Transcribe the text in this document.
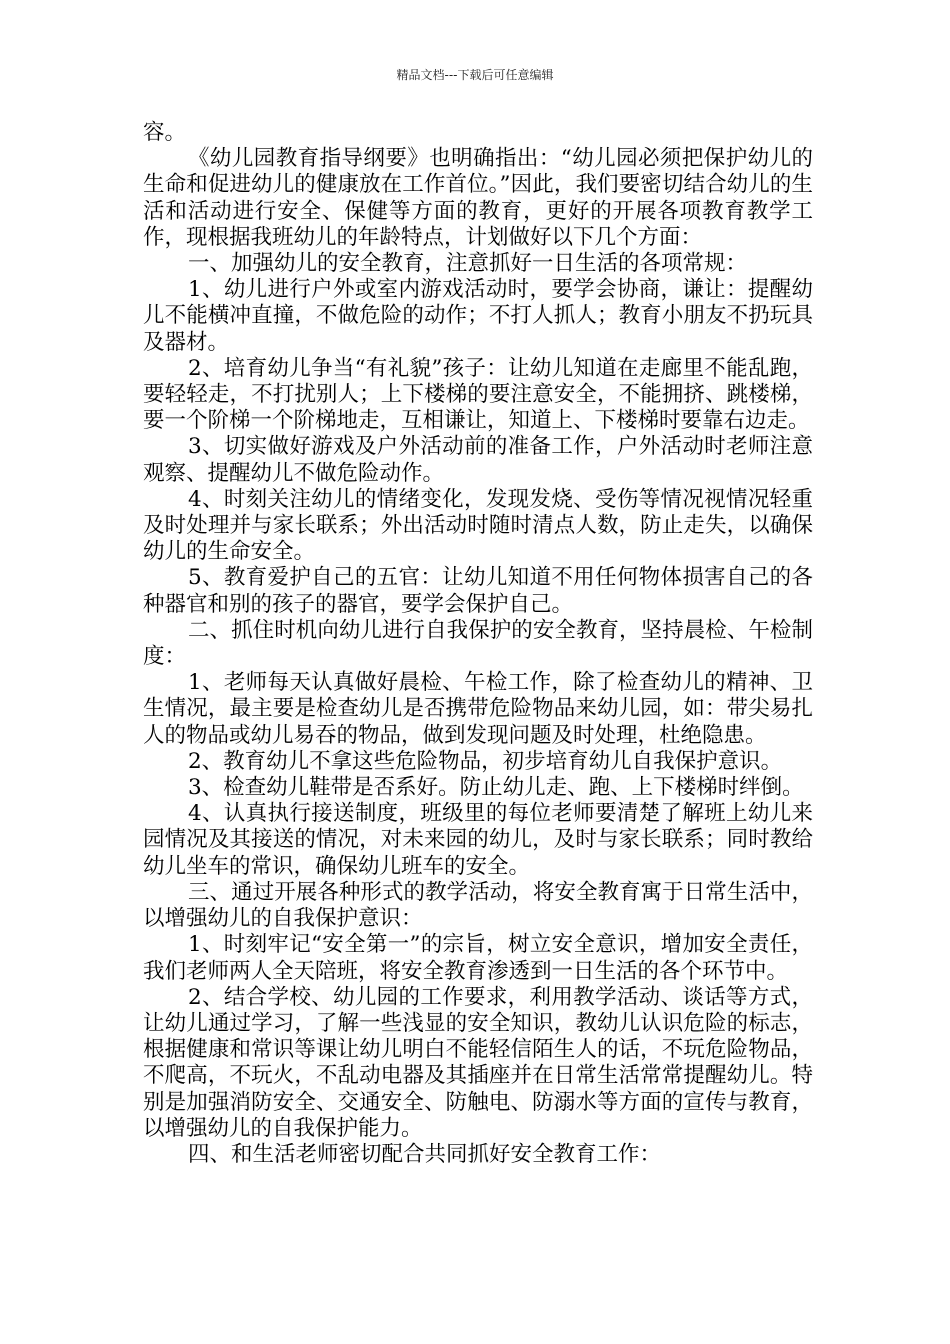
精品文档---下载后可任意编辑

容。

《幼儿园教育指导纲要》也明确指出：“幼儿园必须把保护幼儿的生命和促进幼儿的健康放在工作首位。”因此，我们要密切结合幼儿的生活和活动进行安全、保健等方面的教育，更好的开展各项教育教学工作，现根据我班幼儿的年龄特点，计划做好以下几个方面：

一、加强幼儿的安全教育，注意抓好一日生活的各项常规：

1、幼儿进行户外或室内游戏活动时，要学会协商，谦让：提醒幼儿不能横冲直撞，不做危险的动作；不打人抓人；教育小朋友不扔玩具及器材。

2、培育幼儿争当“有礼貌”孩子：让幼儿知道在走廊里不能乱跑，要轻轻走，不打扰别人；上下楼梯的要注意安全，不能拥挤、跳楼梯，要一个阶梯一个阶梯地走，互相谦让，知道上、下楼梯时要靠右边走。

3、切实做好游戏及户外活动前的准备工作，户外活动时老师注意观察、提醒幼儿不做危险动作。

4、时刻关注幼儿的情绪变化，发现发烧、受伤等情况视情况轻重及时处理并与家长联系；外出活动时随时清点人数，防止走失，以确保幼儿的生命安全。

5、教育爱护自己的五官：让幼儿知道不用任何物体损害自己的各种器官和别的孩子的器官，要学会保护自己。

二、抓住时机向幼儿进行自我保护的安全教育，坚持晨检、午检制度：

1、老师每天认真做好晨检、午检工作，除了检查幼儿的精神、卫生情况，最主要是检查幼儿是否携带危险物品来幼儿园，如：带尖易扎人的物品或幼儿易吞的物品，做到发现问题及时处理，杜绝隐患。

2、教育幼儿不拿这些危险物品，初步培育幼儿自我保护意识。

3、检查幼儿鞋带是否系好。防止幼儿走、跑、上下楼梯时绊倒。

4、认真执行接送制度，班级里的每位老师要清楚了解班上幼儿来园情况及其接送的情况，对未来园的幼儿，及时与家长联系；同时教给幼儿坐车的常识，确保幼儿班车的安全。

三、通过开展各种形式的教学活动，将安全教育寓于日常生活中，以增强幼儿的自我保护意识：

1、时刻牢记“安全第一”的宗旨，树立安全意识，增加安全责任，我们老师两人全天陪班，将安全教育渗透到一日生活的各个环节中。

2、结合学校、幼儿园的工作要求，利用教学活动、谈话等方式，让幼儿通过学习，了解一些浅显的安全知识，教幼儿认识危险的标志，根据健康和常识等课让幼儿明白不能轻信陌生人的话，不玩危险物品，不爬高，不玩火，不乱动电器及其插座并在日常生活常常提醒幼儿。特别是加强消防安全、交通安全、防触电、防溺水等方面的宣传与教育，以增强幼儿的自我保护能力。

四、和生活老师密切配合共同抓好安全教育工作：
